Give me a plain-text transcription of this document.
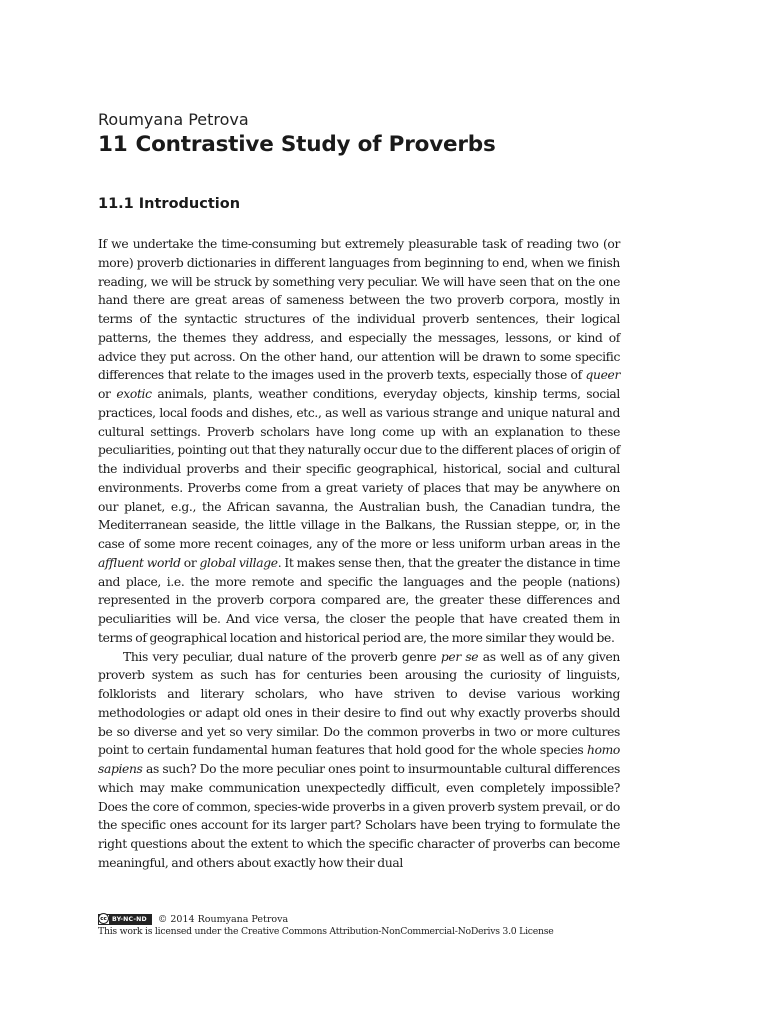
Roumyana Petrova
11 Contrastive Study of Proverbs
11.1 Introduction

If we undertake the time-consuming but extremely pleasurable task of reading two (or more) proverb dictionaries in different languages from beginning to end, when we finish reading, we will be struck by something very peculiar. We will have seen that on the one hand there are great areas of sameness between the two proverb corpora, mostly in terms of the syntactic structures of the individual proverb sentences, their logical patterns, the themes they address, and especially the messages, lessons, or kind of advice they put across. On the other hand, our attention will be drawn to some specific differences that relate to the images used in the proverb texts, especially those of queer or exotic animals, plants, weather conditions, everyday objects, kinship terms, social practices, local foods and dishes, etc., as well as various strange and unique natural and cultural settings. Proverb scholars have long come up with an explanation to these peculiarities, pointing out that they naturally occur due to the different places of origin of the individual proverbs and their specific geographical, historical, social and cultural environments. Proverbs come from a great variety of places that may be anywhere on our planet, e.g., the African savanna, the Australian bush, the Canadian tundra, the Mediterranean seaside, the little village in the Balkans, the Russian steppe, or, in the case of some more recent coinages, any of the more or less uniform urban areas in the affluent world or global village. It makes sense then, that the greater the distance in time and place, i.e. the more remote and specific the languages and the people (nations) represented in the proverb corpora compared are, the greater these differences and peculiarities will be. And vice versa, the closer the people that have created them in terms of geographical location and historical period are, the more similar they would be.

This very peculiar, dual nature of the proverb genre per se as well as of any given proverb system as such has for centuries been arousing the curiosity of linguists, folklorists and literary scholars, who have striven to devise various working methodologies or adapt old ones in their desire to find out why exactly proverbs should be so diverse and yet so very similar. Do the common proverbs in two or more cultures point to certain fundamental human features that hold good for the whole species homo sapiens as such? Do the more peculiar ones point to insurmountable cultural differences which may make communication unexpectedly difficult, even completely impossible? Does the core of common, species-wide proverbs in a given proverb system prevail, or do the specific ones account for its larger part? Scholars have been trying to formulate the right questions about the extent to which the specific character of proverbs can become meaningful, and others about exactly how their dual

cc BY-NC-ND	© 2014 Roumyana Petrova
This work is licensed under the Creative Commons Attribution-NonCommercial-NoDerivs 3.0 License
